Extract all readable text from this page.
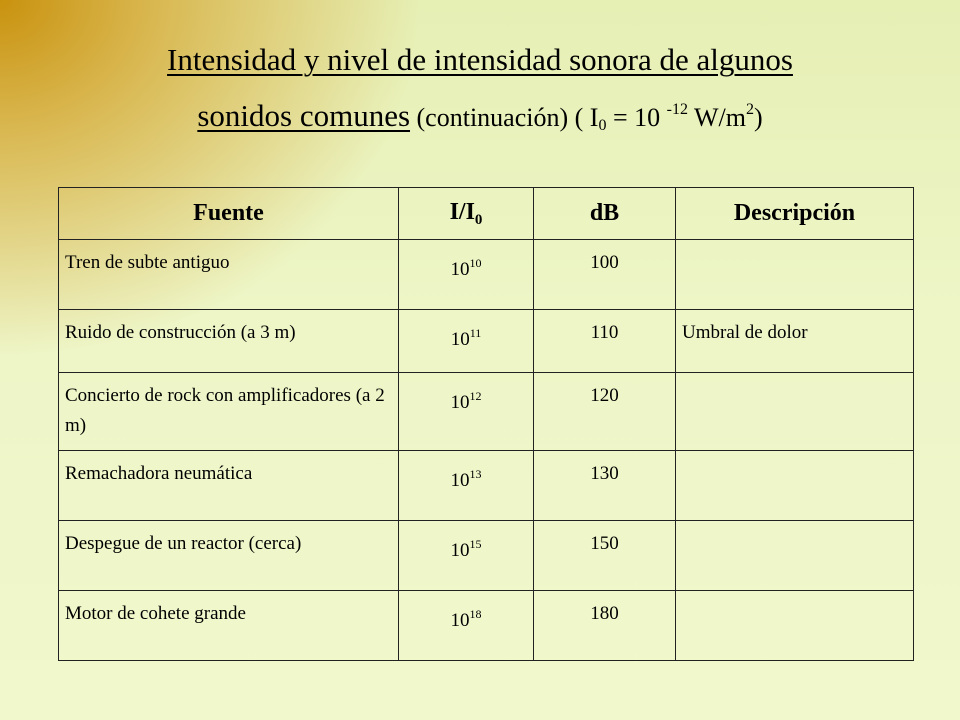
Intensidad y nivel de intensidad sonora de algunos
sonidos comunes (continuación) ( $I_0 = 10$ $^{-12}$ $W/m^2$)
Fuente	$I/I_0$	dB	Descripción
Tren de subte antiguo	$10^{10}$	100	
Ruido de construcción (a 3 m)	$10^{11}$	110	Umbral de dolor
Concierto de rock con amplificadores (a 2 m)	$10^{12}$	120	
Remachadora neumática	$10^{13}$	130	
Despegue de un reactor (cerca)	$10^{15}$	150	
Motor de cohete grande	$10^{18}$	180	
